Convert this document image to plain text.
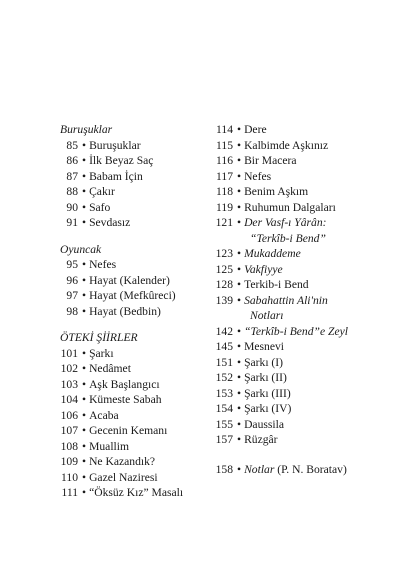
Buruşuklar
85 • Buruşuklar
86 • İlk Beyaz Saç
87 • Babam İçin
88 • Çakır
90 • Safo
91 • Sevdasız
Oyuncak
95 • Nefes
96 • Hayat (Kalender)
97 • Hayat (Mefkûreci)
98 • Hayat (Bedbin)
ÖTEKİ ŞİİRLER
101 • Şarkı
102 • Nedâmet
103 • Aşk Başlangıcı
104 • Kümeste Sabah
106 • Acaba
107 • Gecenin Kemanı
108 • Muallim
109 • Ne Kazandık?
110 • Gazel Naziresi
111 • “Öksüz Kız” Masalı
114 • Dere
115 • Kalbimde Aşkınız
116 • Bir Macera
117 • Nefes
118 • Benim Aşkım
119 • Ruhumun Dalgaları
121 • Der Vasf-ı Yârân:
“Terkîb-i Bend”
123 • Mukaddeme
125 • Vakfiyye
128 • Terkib-i Bend
139 • Sabahattin Ali'nin
Notları
142 • “Terkîb-i Bend”e Zeyl
145 • Mesnevi
151 • Şarkı (I)
152 • Şarkı (II)
153 • Şarkı (III)
154 • Şarkı (IV)
155 • Daussila
157 • Rüzgâr
158 • Notlar (P. N. Boratav)
